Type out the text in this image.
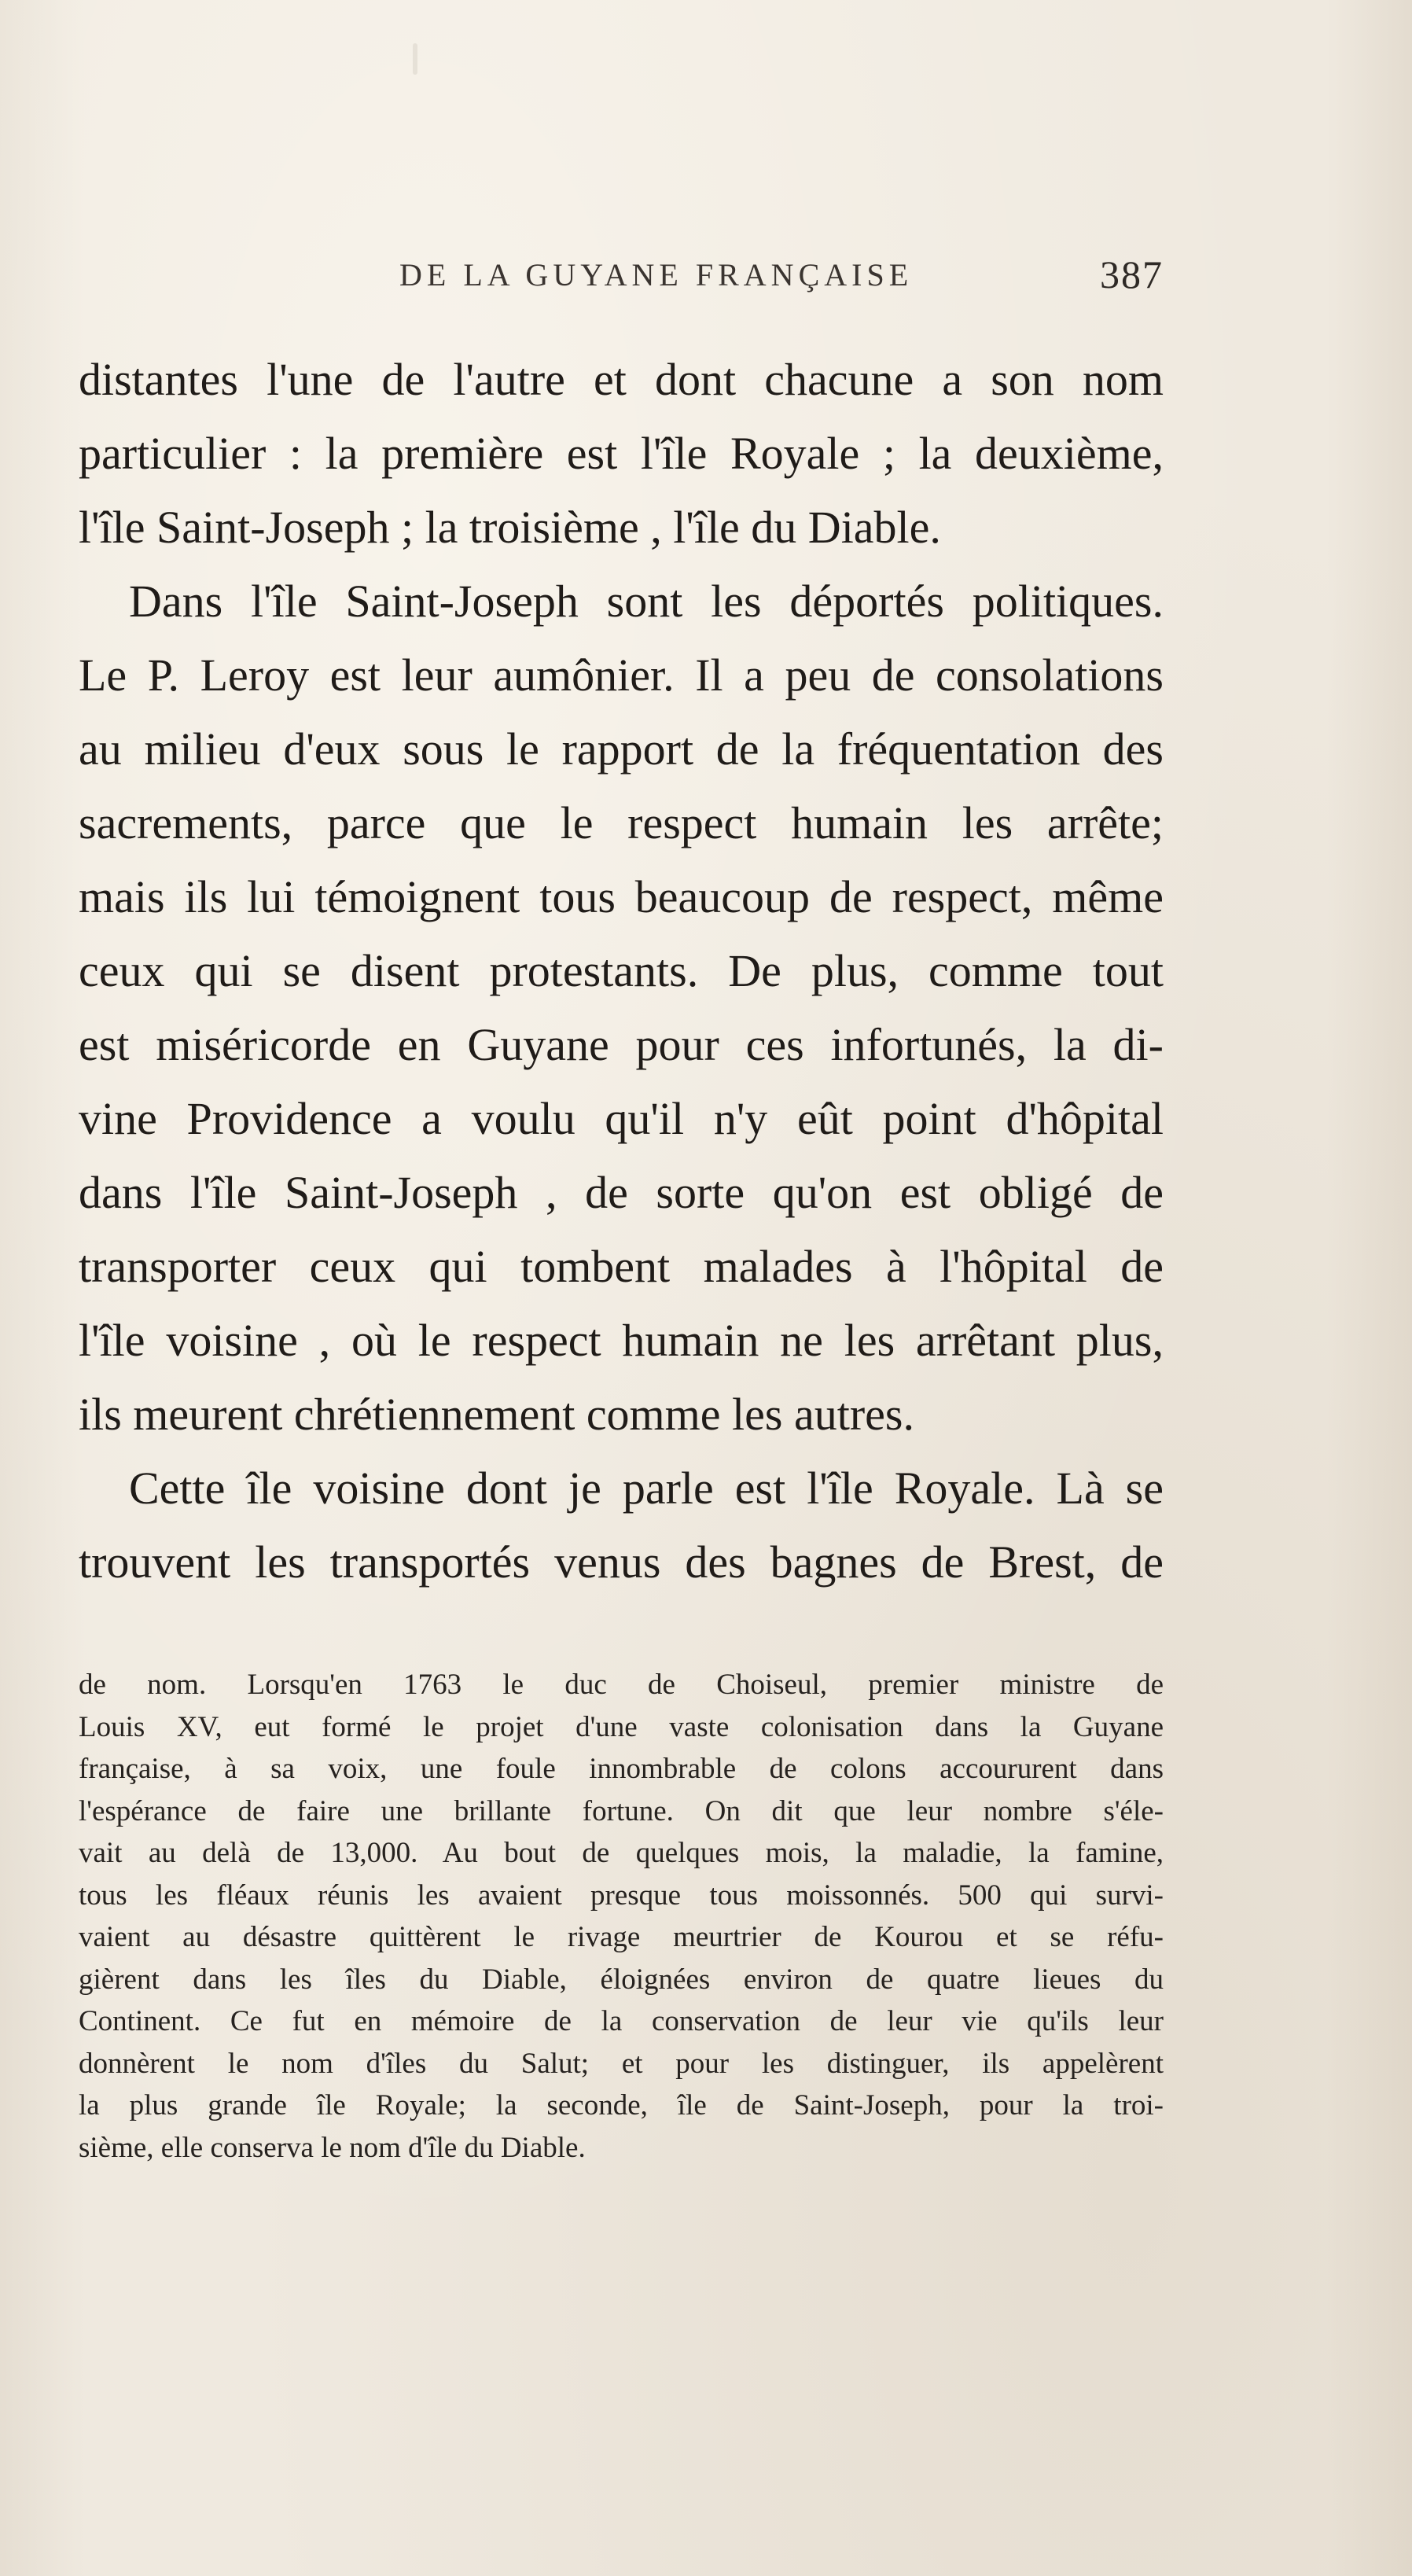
DE LA GUYANE FRANÇAISE	387
distantes l'une de l'autre et dont chacune a son nom
particulier : la première est l'île Royale ; la deuxième,
l'île Saint-Joseph ; la troisième , l'île du Diable.
Dans l'île Saint-Joseph sont les déportés politiques.
Le P. Leroy est leur aumônier. Il a peu de consolations
au milieu d'eux sous le rapport de la fréquentation des
sacrements, parce que le respect humain les arrête;
mais ils lui témoignent tous beaucoup de respect, même
ceux qui se disent protestants. De plus, comme tout
est miséricorde en Guyane pour ces infortunés, la di-
vine Providence a voulu qu'il n'y eût point d'hôpital
dans l'île Saint-Joseph , de sorte qu'on est obligé de
transporter ceux qui tombent malades à l'hôpital de
l'île voisine , où le respect humain ne les arrêtant plus,
ils meurent chrétiennement comme les autres.
Cette île voisine dont je parle est l'île Royale. Là se
trouvent les transportés venus des bagnes de Brest, de
de nom. Lorsqu'en 1763 le duc de Choiseul, premier ministre de
Louis XV, eut formé le projet d'une vaste colonisation dans la Guyane
française, à sa voix, une foule innombrable de colons accoururent dans
l'espérance de faire une brillante fortune. On dit que leur nombre s'éle-
vait au delà de 13,000. Au bout de quelques mois, la maladie, la famine,
tous les fléaux réunis les avaient presque tous moissonnés. 500 qui survi-
vaient au désastre quittèrent le rivage meurtrier de Kourou et se réfu-
gièrent dans les îles du Diable, éloignées environ de quatre lieues du
Continent. Ce fut en mémoire de la conservation de leur vie qu'ils leur
donnèrent le nom d'îles du Salut; et pour les distinguer, ils appelèrent
la plus grande île Royale; la seconde, île de Saint-Joseph, pour la troi-
sième, elle conserva le nom d'île du Diable.
